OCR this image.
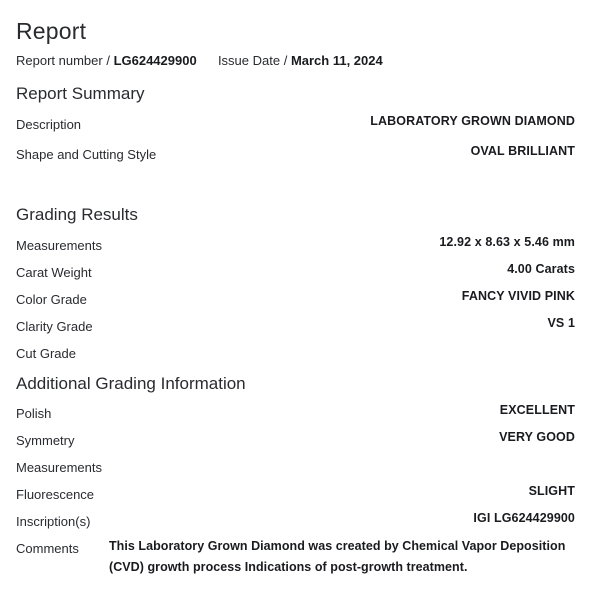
Report
Report number / LG624429900 Issue Date / March 11, 2024
Report Summary
Description	LABORATORY GROWN DIAMOND
Shape and Cutting Style	OVAL BRILLIANT
Grading Results
Measurements	12.92 x 8.63 x 5.46 mm
Carat Weight	4.00 Carats
Color Grade	FANCY VIVID PINK
Clarity Grade	VS 1
Cut Grade
Additional Grading Information
Polish	EXCELLENT
Symmetry	VERY GOOD
Measurements
Fluorescence	SLIGHT
Inscription(s)	IGI LG624429900
Comments This Laboratory Grown Diamond was created by Chemical Vapor Deposition (CVD) growth process Indications of post-growth treatment.
